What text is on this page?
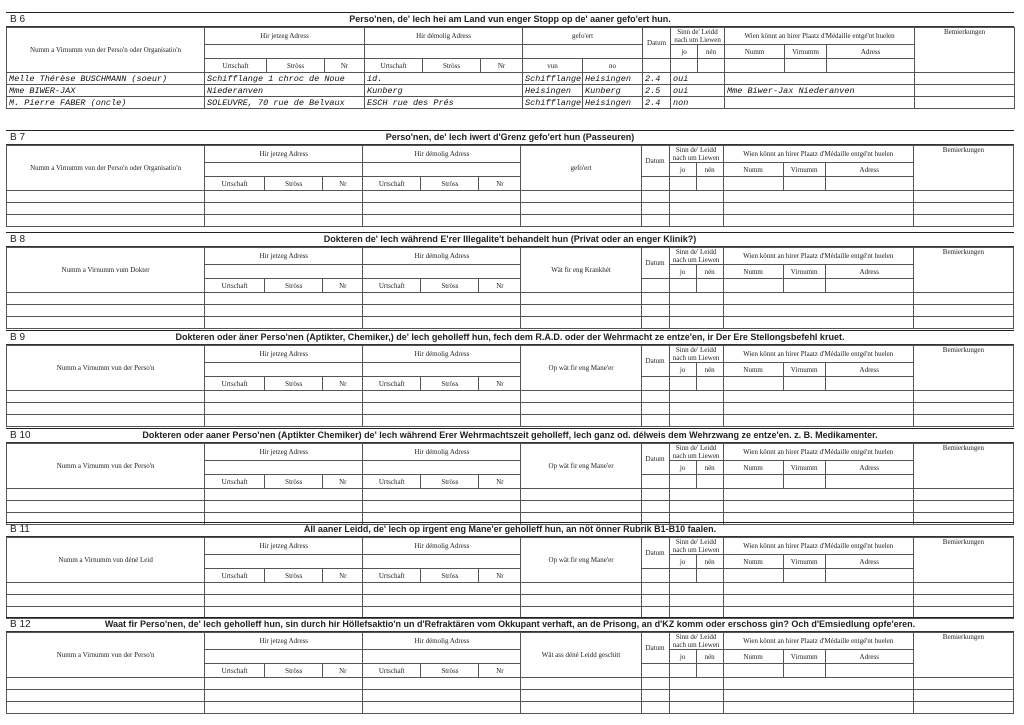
B 6	Perso'nen, de' lech hei am Land vun enger Stopp op de' aaner gefo'ert hun.
Numm a Virnumm vun der Perso'n oder Organisatio'n	Hir jetzeg Adress			Hir démolig Adress			gefo'ert		Datum	Sinn de' Leidd nach um Liewen		Wien könnt an hirer Plaatz d'Médaille entgé'nt huelen			Bemierkungen
										jo	nén	Numm	Virnumm	Adress	
	Urtschaft	Stròss	Nr	Urtschaft	Stròss	Nr	vun	no							
Melle Thérèse BUSCHMANN (soeur)	Schifflange 1 chroc de Noue			id.			Schifflange	Heisingen	2.4	oui					
Mme BIWER-JAX	Niederanven			Kunberg			Heisingen	Kunberg	2.5	oui		Mme Biwer-Jax Niederanven			
M. Pierre FABER (oncle)	SOLEUVRE, 70 rue de Belvaux			ESCH rue des Prés			Schifflange	Heisingen	2.4	non					
B 7	Perso'nen, de' lech iwert d'Grenz gefo'ert hun (Passeuren)
Numm a Virnumm vun der Perso'n oder Organisatio'n	Hir jetzeg Adress			Hir démolig Adress			gefo'ert	Datum	Sinn de' Leidd nach um Liewen		Wien könnt an hirer Plaatz d'Médaille entgé'nt huelen			Bemierkungen
									jo	nén	Numm	Virnumm	Adress	
	Urtschaft	Stròss	Nr	Urtschaft	Stròss	Nr								

B 8	Dokteren de' lech während E'rer Illegalite't behandelt hun (Privat oder an enger Klinik?)
Numm a Virnumm vum Dokter	Hir jetzeg Adress			Hir démolig Adress			Wät fir eng Krankhét	Datum	Sinn de' Leidd nach um Liewen		Wien könnt an hirer Plaatz d'Médaille entgé'nt huelen			Bemierkungen
									jo	nén	Numm	Virnumm	Adress	
	Urtschaft	Stròss	Nr	Urtschaft	Stròss	Nr								

B 9	Dokteren oder äner Perso'nen (Aptikter, Chemiker,) de' lech geholleff hun, fech dem R.A.D. oder der Wehrmacht ze entze'en, ir Der Ere Stellongsbefehl kruet.
Numm a Virnumm vun der Perso'n	Hir jetzeg Adress			Hir démolig Adress			Op wät fir eng Mane'er	Datum	Sinn de' Leidd nach um Liewen		Wien könnt an hirer Plaatz d'Médaille entgé'nt huelen			Bemierkungen
									jo	nén	Numm	Virnumm	Adress	
	Urtschaft	Stròss	Nr	Urtschaft	Stròss	Nr								

B 10	Dokteren oder aaner Perso'nen (Aptikter Chemiker) de' lech während Erer Wehrmachtszeit geholleff, lech ganz od. délweis dem Wehrzwang ze entze'en. z. B. Medikamenter.
Numm a Virnumm vun der Perso'n	Hir jetzeg Adress			Hir démolig Adress			Op wät fir eng Mane'er	Datum	Sinn de' Leidd nach um Liewen		Wien könnt an hirer Plaatz d'Médaille entgé'nt huelen			Bemierkungen
									jo	nén	Numm	Virnumm	Adress	
	Urtschaft	Stròss	Nr	Urtschaft	Stròss	Nr								

B 11	All aaner Leidd, de' lech op irgent eng Mane'er geholleff hun, an nöt önner Rubrik B1-B10 faalen.
Numm a Virnumm vun déné Leid	Hir jetzeg Adress			Hir démolig Adress			Op wät fir eng Mane'er	Datum	Sinn de' Leidd nach um Liewen		Wien könnt an hirer Plaatz d'Médaille entgé'nt huelen			Bemierkungen
									jo	nén	Numm	Virnumm	Adress	
	Urtschaft	Stròss	Nr	Urtschaft	Stròss	Nr								

B 12	Waat fir Perso'nen, de' lech geholleff hun, sin durch hir Höllefsaktio'n un d'Refraktären vom Okkupant verhaft, an de Prisong, an d'KZ komm oder erschoss gin? Och d'Emsiedlung opfe'eren.
Numm a Virnumm vun der Perso'n	Hir jetzeg Adress			Hir démolig Adress			Wät ass déné Leidd geschitt	Datum	Sinn de' Leidd nach um Liewen		Wien könnt an hirer Plaatz d'Médaille entgé'nt huelen			Bemierkungen
									jo	nén	Numm	Virnumm	Adress	
	Urtschaft	Stròss	Nr	Urtschaft	Stròss	Nr								
